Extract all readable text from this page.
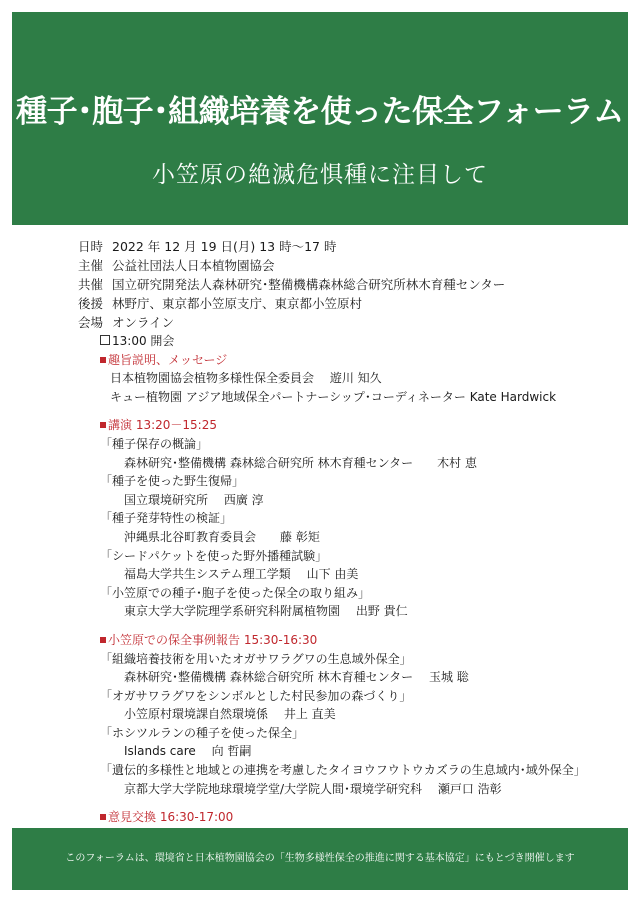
種子･胞子･組織培養を使った保全フォーラム
小笠原の絶滅危惧種に注目して
日時 2022 年 12 月 19 日(月) 13 時～17 時
主催 公益社団法人日本植物園協会
共催 国立研究開発法人森林研究･整備機構森林総合研究所林木育種センター
後援 林野庁、東京都小笠原支庁、東京都小笠原村
会場 オンライン
13:00 開会
趣旨説明、メッセージ
日本植物園協会植物多様性保全委員会　 遊川 知久
キュー植物園 アジア地域保全パートナーシップ･コーディネーター Kate Hardwick
講演 13:20－15:25
「種子保存の概論」
森林研究･整備機構 森林総合研究所 林木育種センター　　木村 恵
「種子を使った野生復帰」
国立環境研究所　 西廣 淳
「種子発芽特性の検証」
沖縄県北谷町教育委員会　　藤 彰矩
「シードパケットを使った野外播種試験」
福島大学共生システム理工学類　 山下 由美
「小笠原での種子･胞子を使った保全の取り組み」
東京大学大学院理学系研究科附属植物園　 出野 貴仁
小笠原での保全事例報告 15:30-16:30
「組織培養技術を用いたオガサワラグワの生息域外保全」
森林研究･整備機構 森林総合研究所 林木育種センター　 玉城 聡
「オガサワラグワをシンボルとした村民参加の森づくり」
小笠原村環境課自然環境係　 井上 直美
「ホシツルランの種子を使った保全」
Islands care　 向 哲嗣
「遺伝的多様性と地域との連携を考慮したタイヨウフウトウカズラの生息域内･域外保全」
京都大学大学院地球環境学堂/大学院人間･環境学研究科　 瀬戸口 浩彰
意見交換 16:30-17:00
このフォーラムは、環境省と日本植物園協会の「生物多様性保全の推進に関する基本協定」にもとづき開催します
